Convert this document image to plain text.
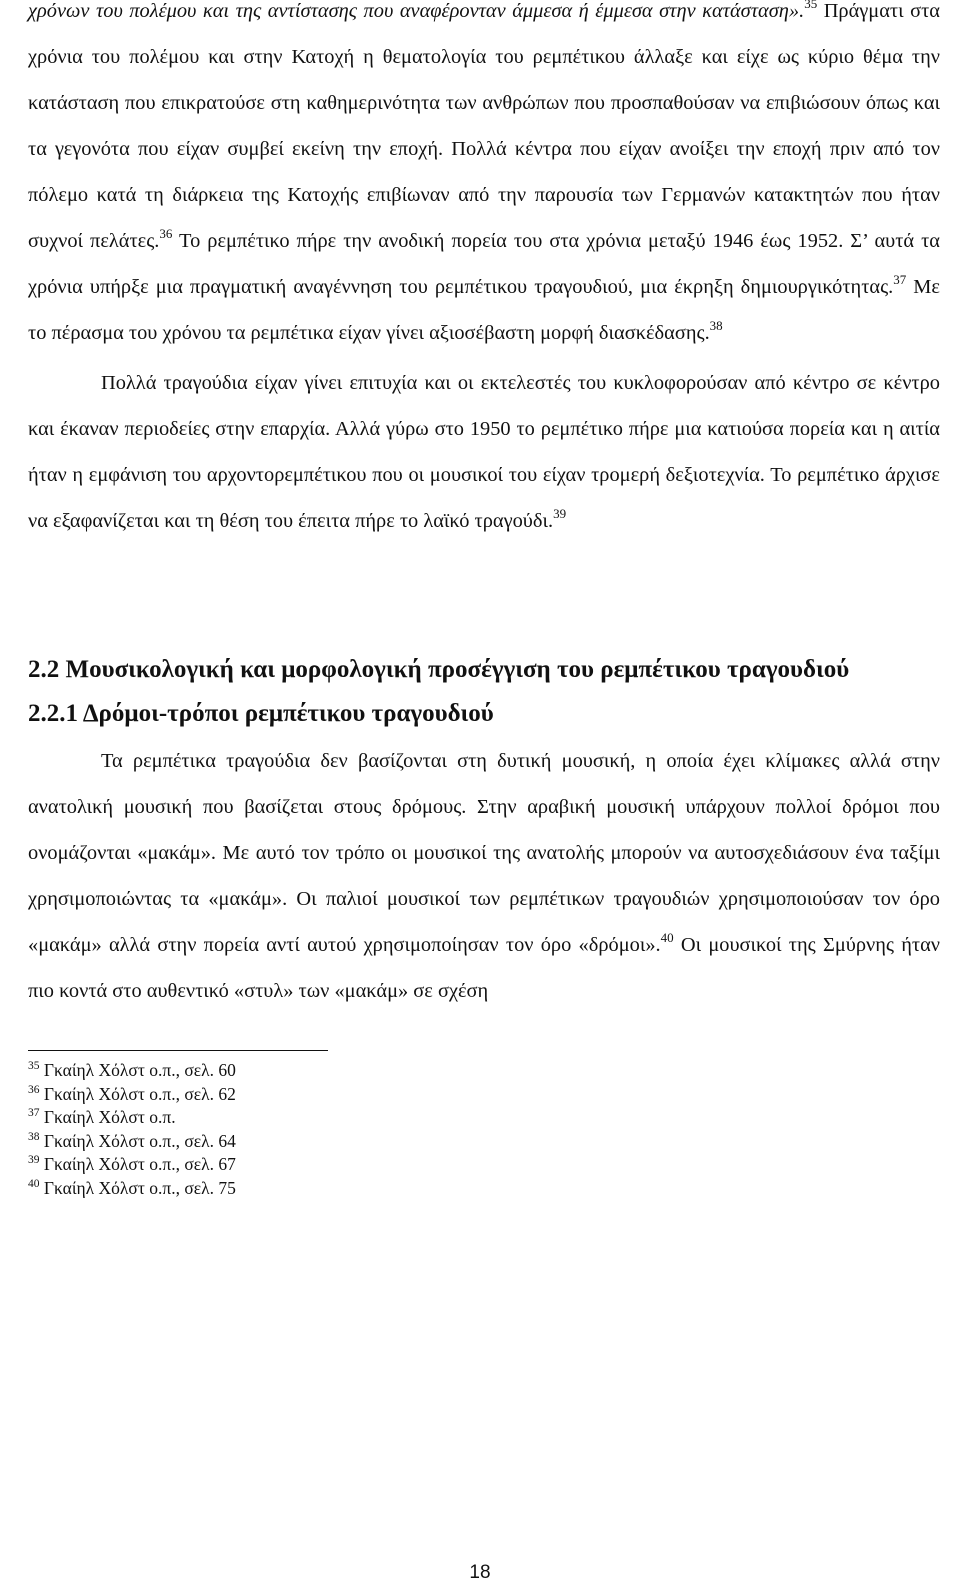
χρόνων του πολέμου και της αντίστασης που αναφέρονταν άμμεσα ή έμμεσα στην κατάσταση».$^{35}$ Πράγματι στα χρόνια του πολέμου και στην Κατοχή η θεματολογία του ρεμπέτικου άλλαξε και είχε ως κύριο θέμα την κατάσταση που επικρατούσε στη καθημερινότητα των ανθρώπων που προσπαθούσαν να επιβιώσουν όπως και τα γεγονότα που είχαν συμβεί εκείνη την εποχή. Πολλά κέντρα που είχαν ανοίξει την εποχή πριν από τον πόλεμο κατά τη διάρκεια της Κατοχής επιβίωναν από την παρουσία των Γερμανών κατακτητών που ήταν συχνοί πελάτες.$^{36}$ Το ρεμπέτικο πήρε την ανοδική πορεία του στα χρόνια μεταξύ 1946 έως 1952. Σ’ αυτά τα χρόνια υπήρξε μια πραγματική αναγέννηση του ρεμπέτικου τραγουδιού, μια έκρηξη δημιουργικότητας.$^{37}$ Με το πέρασμα του χρόνου τα ρεμπέτικα είχαν γίνει αξιοσέβαστη μορφή διασκέδασης.$^{38}$

Πολλά τραγούδια είχαν γίνει επιτυχία και οι εκτελεστές του κυκλοφορούσαν από κέντρο σε κέντρο και έκαναν περιοδείες στην επαρχία. Αλλά γύρω στο 1950 το ρεμπέτικο πήρε μια κατιούσα πορεία και η αιτία ήταν η εμφάνιση του αρχοντορεμπέτικου που οι μουσικοί του είχαν τρομερή δεξιοτεχνία. Το ρεμπέτικο άρχισε να εξαφανίζεται και τη θέση του έπειτα πήρε το λαϊκό τραγούδι.$^{39}$

2.2 Μουσικολογική και μορφολογική προσέγγιση του ρεμπέτικου τραγουδιού
2.2.1 Δρόμοι-τρόποι ρεμπέτικου τραγουδιού

Τα ρεμπέτικα τραγούδια δεν βασίζονται στη δυτική μουσική, η οποία έχει κλίμακες αλλά στην ανατολική μουσική που βασίζεται στους δρόμους. Στην αραβική μουσική υπάρχουν πολλοί δρόμοι που ονομάζονται «μακάμ». Με αυτό τον τρόπο οι μουσικοί της ανατολής μπορούν να αυτοσχεδιάσουν ένα ταξίμι χρησιμοποιώντας τα «μακάμ». Οι παλιοί μουσικοί των ρεμπέτικων τραγουδιών χρησιμοποιούσαν τον όρο «μακάμ» αλλά στην πορεία αντί αυτού χρησιμοποίησαν τον όρο «δρόμοι».$^{40}$ Οι μουσικοί της Σμύρνης ήταν πιο κοντά στο αυθεντικό «στυλ» των «μακάμ» σε σχέση

$^{35}$ Γκαίηλ Χόλστ ο.π., σελ. 60

$^{36}$ Γκαίηλ Χόλστ ο.π., σελ. 62

$^{37}$ Γκαίηλ Χόλστ ο.π.

$^{38}$ Γκαίηλ Χόλστ ο.π., σελ. 64

$^{39}$ Γκαίηλ Χόλστ ο.π., σελ. 67

$^{40}$ Γκαίηλ Χόλστ ο.π., σελ. 75

18
